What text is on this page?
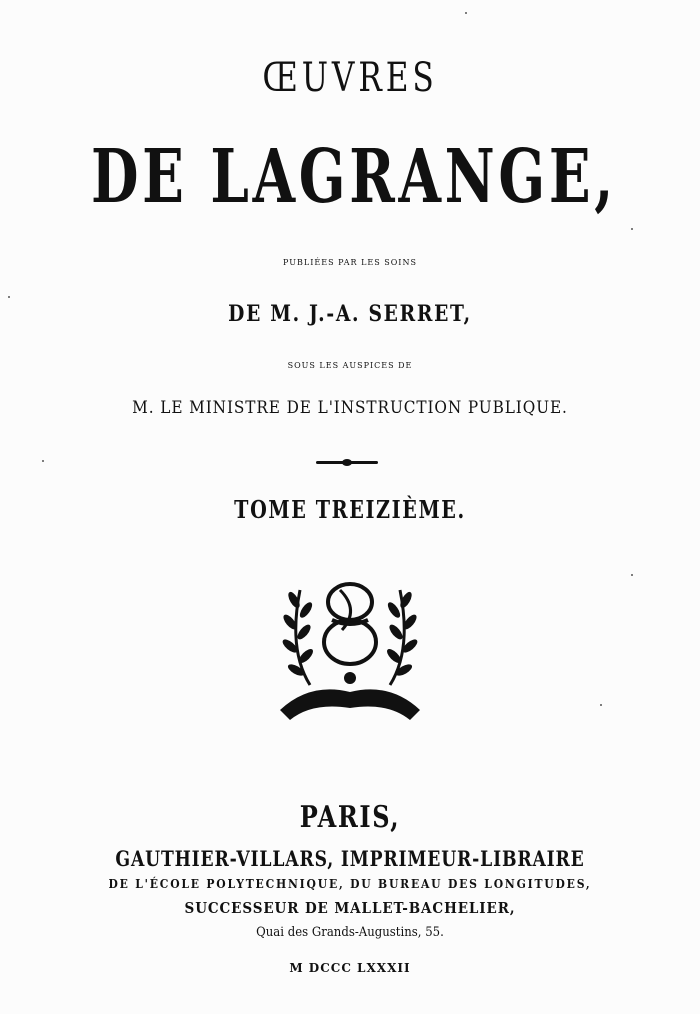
ŒUVRES
DE LAGRANGE,
PUBLIÉES PAR LES SOINS
DE M. J.-A. SERRET,
SOUS LES AUSPICES DE
M. LE MINISTRE DE L'INSTRUCTION PUBLIQUE.
TOME TREIZIÈME.
PARIS,
GAUTHIER-VILLARS, IMPRIMEUR-LIBRAIRE
DE L'ÉCOLE POLYTECHNIQUE, DU BUREAU DES LONGITUDES,
SUCCESSEUR DE MALLET-BACHELIER,
Quai des Grands-Augustins, 55.
M DCCC LXXXII
